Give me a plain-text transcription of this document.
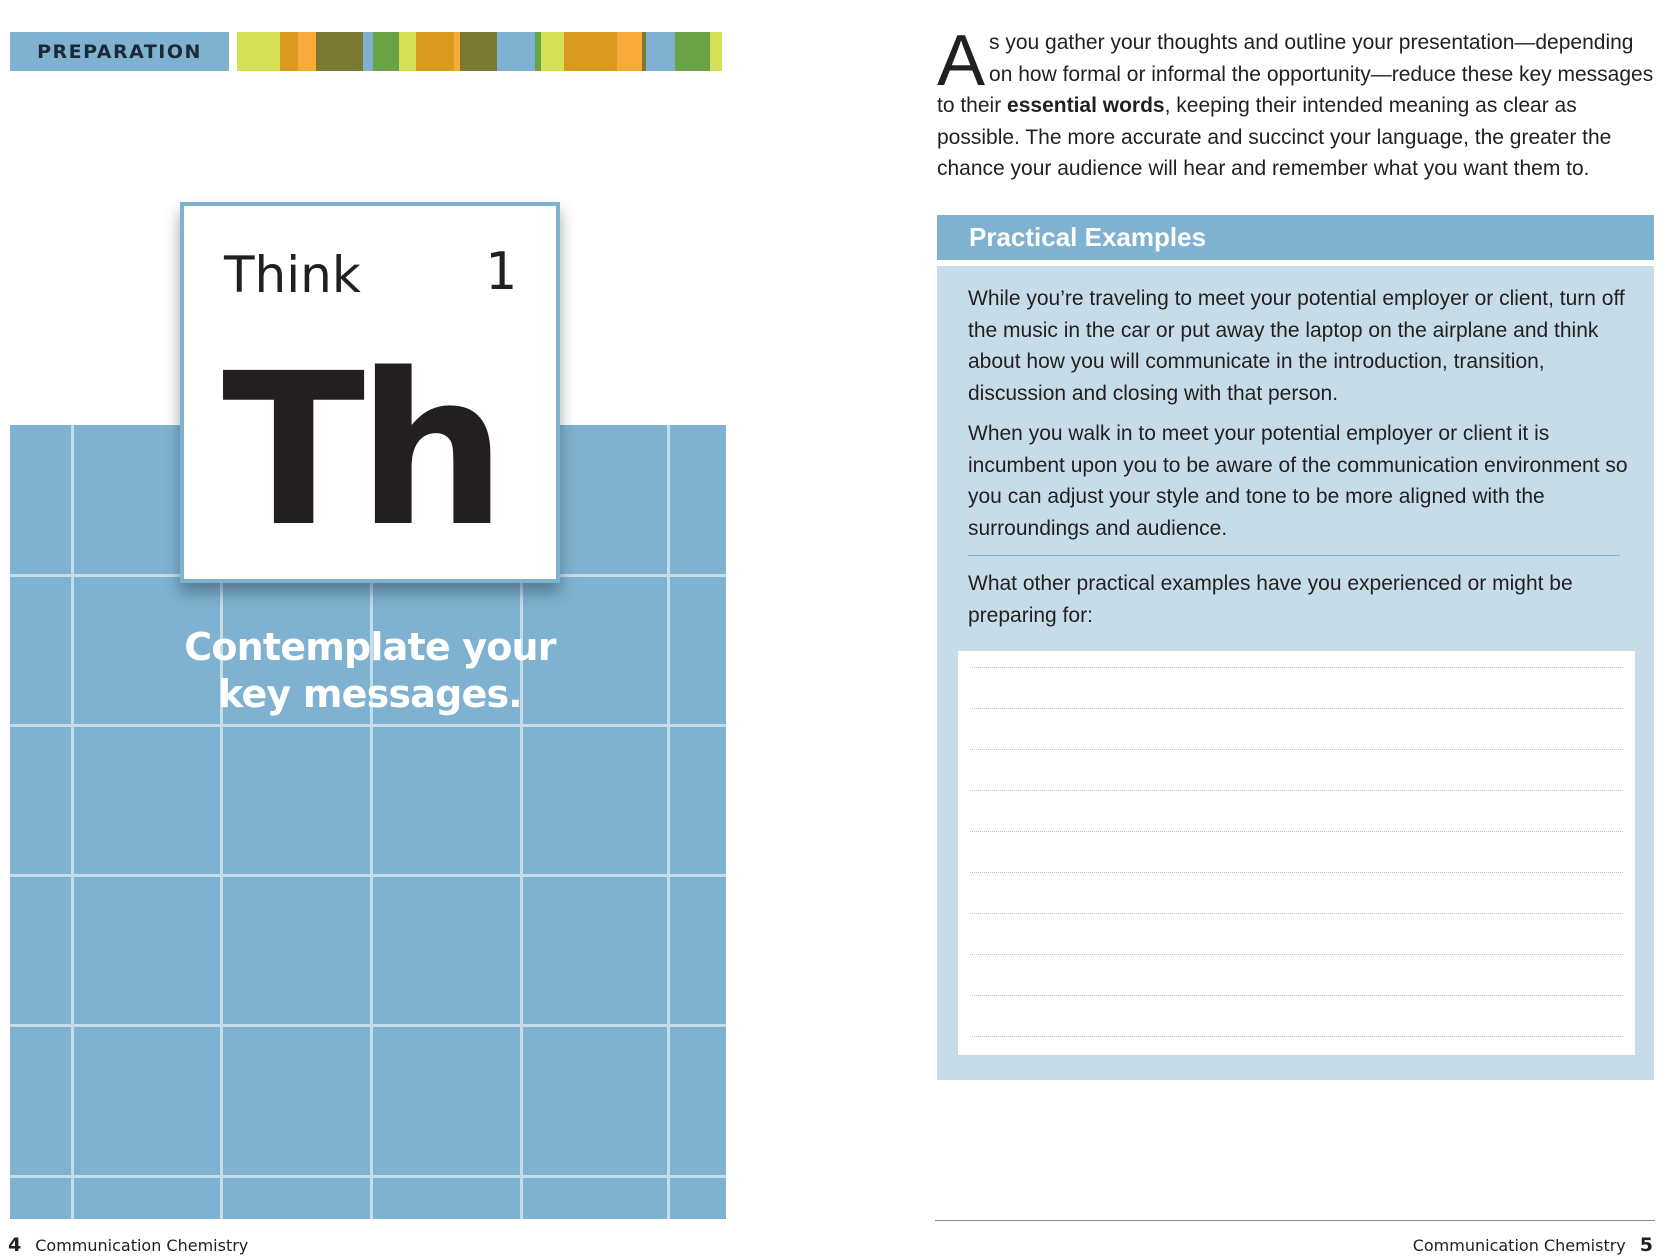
PREPARATION
Think 1
Th
Contemplate your
key messages.
4 Communication Chemistry
As you gather your thoughts and outline your presentation—depending on how formal or informal the opportunity—reduce these key messages to their essential words, keeping their intended meaning as clear as possible. The more accurate and succinct your language, the greater the chance your audience will hear and remember what you want them to.
Practical Examples

While you’re traveling to meet your potential employer or client, turn off the music in the car or put away the laptop on the airplane and think about how you will communicate in the introduction, transition, discussion and closing with that person.

When you walk in to meet your potential employer or client it is incumbent upon you to be aware of the communication environment so you can adjust your style and tone to be more aligned with the surroundings and audience.

What other practical examples have you experienced or might be preparing for:

Communication Chemistry 5
